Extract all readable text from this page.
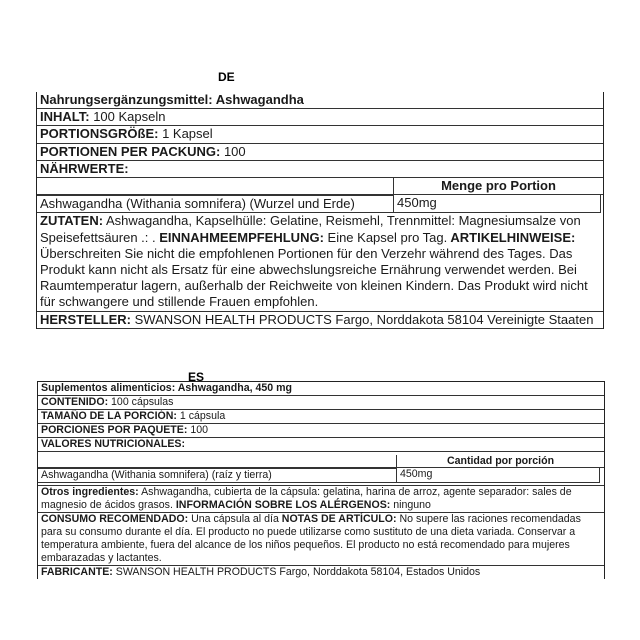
DE
Nahrungsergänzungsmittel: Ashwagandha
INHALT: 100 Kapseln
PORTIONSGRÖßE: 1 Kapsel
PORTIONEN PER PACKUNG: 100
NÄHRWERTE:
Menge pro Portion
Ashwagandha (Withania somnifera) (Wurzel und Erde)	450mg
ZUTATEN: Ashwagandha, Kapselhülle: Gelatine, Reismehl, Trennmittel: Magnesiumsalze von Speisefettsäuren .: . EINNAHMEEMPFEHLUNG: Eine Kapsel pro Tag. ARTIKELHINWEISE: Überschreiten Sie nicht die empfohlenen Portionen für den Verzehr während des Tages. Das Produkt kann nicht als Ersatz für eine abwechslungsreiche Ernährung verwendet werden. Bei Raumtemperatur lagern, außerhalb der Reichweite von kleinen Kindern. Das Produkt wird nicht für schwangere und stillende Frauen empfohlen.
HERSTELLER: SWANSON HEALTH PRODUCTS Fargo, Norddakota 58104 Vereinigte Staaten
ES
Suplementos alimenticios: Ashwagandha, 450 mg
CONTENIDO: 100 cápsulas
TAMAÑO DE LA PORCIÓN: 1 cápsula
PORCIONES POR PAQUETE: 100
VALORES NUTRICIONALES:
Cantidad por porción
Ashwagandha (Withania somnifera) (raíz y tierra)	450mg
Otros ingredientes: Ashwagandha, cubierta de la cápsula: gelatina, harina de arroz, agente separador: sales de magnesio de ácidos grasos. INFORMACIÓN SOBRE LOS ALÉRGENOS: ninguno
CONSUMO RECOMENDADO: Una cápsula al día NOTAS DE ARTÍCULO: No supere las raciones recomendadas para su consumo durante el día. El producto no puede utilizarse como sustituto de una dieta variada. Conservar a temperatura ambiente, fuera del alcance de los niños pequeños. El producto no está recomendado para mujeres embarazadas y lactantes.
FABRICANTE: SWANSON HEALTH PRODUCTS Fargo, Norddakota 58104, Estados Unidos
